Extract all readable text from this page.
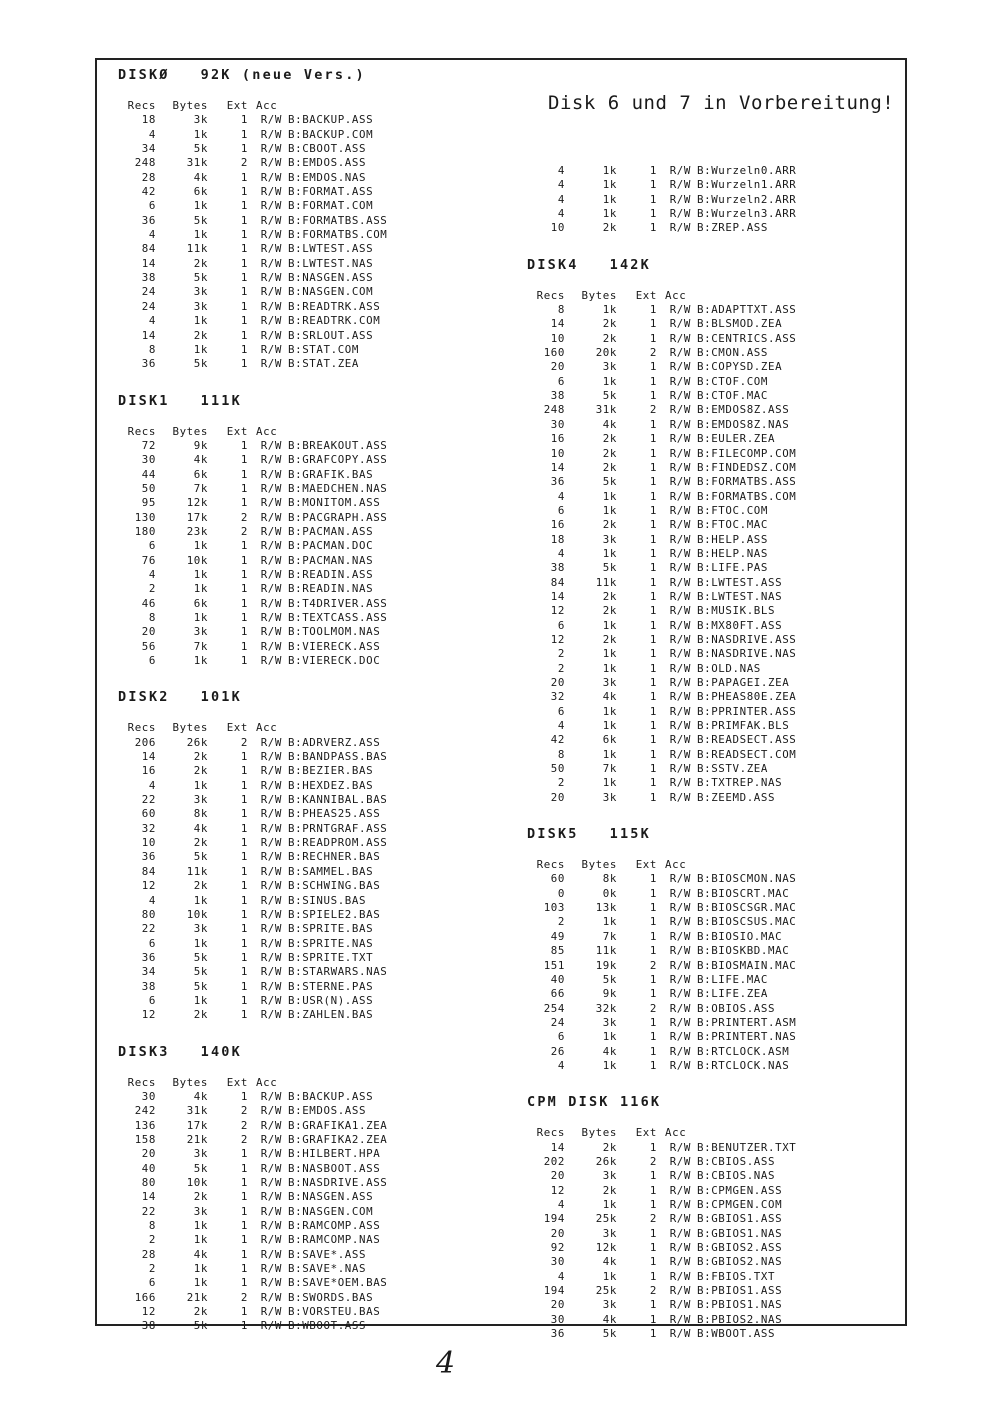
Disk 6 und 7 in Vorbereitung!
DISKØ   92K (neue Vers.)
Recs	Bytes	Ext Acc
18	3k	1	R/W B:BACKUP.ASS
4	1k	1	R/W B:BACKUP.COM
34	5k	1	R/W B:CBOOT.ASS
248	31k	2	R/W B:EMDOS.ASS
28	4k	1	R/W B:EMDOS.NAS
42	6k	1	R/W B:FORMAT.ASS
6	1k	1	R/W B:FORMAT.COM
36	5k	1	R/W B:FORMATBS.ASS
4	1k	1	R/W B:FORMATBS.COM
84	11k	1	R/W B:LWTEST.ASS
14	2k	1	R/W B:LWTEST.NAS
38	5k	1	R/W B:NASGEN.ASS
24	3k	1	R/W B:NASGEN.COM
24	3k	1	R/W B:READTRK.ASS
4	1k	1	R/W B:READTRK.COM
14	2k	1	R/W B:SRLOUT.ASS
8	1k	1	R/W B:STAT.COM
36	5k	1	R/W B:STAT.ZEA
DISK1   111K
Recs	Bytes	Ext Acc
72	9k	1	R/W B:BREAKOUT.ASS
30	4k	1	R/W B:GRAFCOPY.ASS
44	6k	1	R/W B:GRAFIK.BAS
50	7k	1	R/W B:MAEDCHEN.NAS
95	12k	1	R/W B:MONITOM.ASS
130	17k	2	R/W B:PACGRAPH.ASS
180	23k	2	R/W B:PACMAN.ASS
6	1k	1	R/W B:PACMAN.DOC
76	10k	1	R/W B:PACMAN.NAS
4	1k	1	R/W B:READIN.ASS
2	1k	1	R/W B:READIN.NAS
46	6k	1	R/W B:T4DRIVER.ASS
8	1k	1	R/W B:TEXTCASS.ASS
20	3k	1	R/W B:TOOLMOM.NAS
56	7k	1	R/W B:VIERECK.ASS
6	1k	1	R/W B:VIERECK.DOC
DISK2   101K
Recs	Bytes	Ext Acc
206	26k	2	R/W B:ADRVERZ.ASS
14	2k	1	R/W B:BANDPASS.BAS
16	2k	1	R/W B:BEZIER.BAS
4	1k	1	R/W B:HEXDEZ.BAS
22	3k	1	R/W B:KANNIBAL.BAS
60	8k	1	R/W B:PHEAS25.ASS
32	4k	1	R/W B:PRNTGRAF.ASS
10	2k	1	R/W B:READPROM.ASS
36	5k	1	R/W B:RECHNER.BAS
84	11k	1	R/W B:SAMMEL.BAS
12	2k	1	R/W B:SCHWING.BAS
4	1k	1	R/W B:SINUS.BAS
80	10k	1	R/W B:SPIELE2.BAS
22	3k	1	R/W B:SPRITE.BAS
6	1k	1	R/W B:SPRITE.NAS
36	5k	1	R/W B:SPRITE.TXT
34	5k	1	R/W B:STARWARS.NAS
38	5k	1	R/W B:STERNE.PAS
6	1k	1	R/W B:USR(N).ASS
12	2k	1	R/W B:ZAHLEN.BAS
DISK3   140K
Recs	Bytes	Ext Acc
30	4k	1	R/W B:BACKUP.ASS
242	31k	2	R/W B:EMDOS.ASS
136	17k	2	R/W B:GRAFIKA1.ZEA
158	21k	2	R/W B:GRAFIKA2.ZEA
20	3k	1	R/W B:HILBERT.HPA
40	5k	1	R/W B:NASBOOT.ASS
80	10k	1	R/W B:NASDRIVE.ASS
14	2k	1	R/W B:NASGEN.ASS
22	3k	1	R/W B:NASGEN.COM
8	1k	1	R/W B:RAMCOMP.ASS
2	1k	1	R/W B:RAMCOMP.NAS
28	4k	1	R/W B:SAVE*.ASS
2	1k	1	R/W B:SAVE*.NAS
6	1k	1	R/W B:SAVE*OEM.BAS
166	21k	2	R/W B:SWORDS.BAS
12	2k	1	R/W B:VORSTEU.BAS
38	5k	1	R/W B:WBOOT.ASS
4	1k	1	R/W B:Wurzeln0.ARR
4	1k	1	R/W B:Wurzeln1.ARR
4	1k	1	R/W B:Wurzeln2.ARR
4	1k	1	R/W B:Wurzeln3.ARR
10	2k	1	R/W B:ZREP.ASS
DISK4   142K
Recs	Bytes	Ext Acc
8	1k	1	R/W B:ADAPTTXT.ASS
14	2k	1	R/W B:BLSMOD.ZEA
10	2k	1	R/W B:CENTRICS.ASS
160	20k	2	R/W B:CMON.ASS
20	3k	1	R/W B:COPYSD.ZEA
6	1k	1	R/W B:CTOF.COM
38	5k	1	R/W B:CTOF.MAC
248	31k	2	R/W B:EMDOS8Z.ASS
30	4k	1	R/W B:EMDOS8Z.NAS
16	2k	1	R/W B:EULER.ZEA
10	2k	1	R/W B:FILECOMP.COM
14	2k	1	R/W B:FINDEDSZ.COM
36	5k	1	R/W B:FORMATBS.ASS
4	1k	1	R/W B:FORMATBS.COM
6	1k	1	R/W B:FTOC.COM
16	2k	1	R/W B:FTOC.MAC
18	3k	1	R/W B:HELP.ASS
4	1k	1	R/W B:HELP.NAS
38	5k	1	R/W B:LIFE.PAS
84	11k	1	R/W B:LWTEST.ASS
14	2k	1	R/W B:LWTEST.NAS
12	2k	1	R/W B:MUSIK.BLS
6	1k	1	R/W B:MX80FT.ASS
12	2k	1	R/W B:NASDRIVE.ASS
2	1k	1	R/W B:NASDRIVE.NAS
2	1k	1	R/W B:OLD.NAS
20	3k	1	R/W B:PAPAGEI.ZEA
32	4k	1	R/W B:PHEAS80E.ZEA
6	1k	1	R/W B:PPRINTER.ASS
4	1k	1	R/W B:PRIMFAK.BLS
42	6k	1	R/W B:READSECT.ASS
8	1k	1	R/W B:READSECT.COM
50	7k	1	R/W B:SSTV.ZEA
2	1k	1	R/W B:TXTREP.NAS
20	3k	1	R/W B:ZEEMD.ASS
DISK5   115K
Recs	Bytes	Ext Acc
60	8k	1	R/W B:BIOSCMON.NAS
0	0k	1	R/W B:BIOSCRT.MAC
103	13k	1	R/W B:BIOSCSGR.MAC
2	1k	1	R/W B:BIOSCSUS.MAC
49	7k	1	R/W B:BIOSIO.MAC
85	11k	1	R/W B:BIOSKBD.MAC
151	19k	2	R/W B:BIOSMAIN.MAC
40	5k	1	R/W B:LIFE.MAC
66	9k	1	R/W B:LIFE.ZEA
254	32k	2	R/W B:OBIOS.ASS
24	3k	1	R/W B:PRINTERT.ASM
6	1k	1	R/W B:PRINTERT.NAS
26	4k	1	R/W B:RTCLOCK.ASM
4	1k	1	R/W B:RTCLOCK.NAS
CPM DISK 116K
Recs	Bytes	Ext Acc
14	2k	1	R/W B:BENUTZER.TXT
202	26k	2	R/W B:CBIOS.ASS
20	3k	1	R/W B:CBIOS.NAS
12	2k	1	R/W B:CPMGEN.ASS
4	1k	1	R/W B:CPMGEN.COM
194	25k	2	R/W B:GBIOS1.ASS
20	3k	1	R/W B:GBIOS1.NAS
92	12k	1	R/W B:GBIOS2.ASS
30	4k	1	R/W B:GBIOS2.NAS
4	1k	1	R/W B:FBIOS.TXT
194	25k	2	R/W B:PBIOS1.ASS
20	3k	1	R/W B:PBIOS1.NAS
30	4k	1	R/W B:PBIOS2.NAS
36	5k	1	R/W B:WBOOT.ASS
4
